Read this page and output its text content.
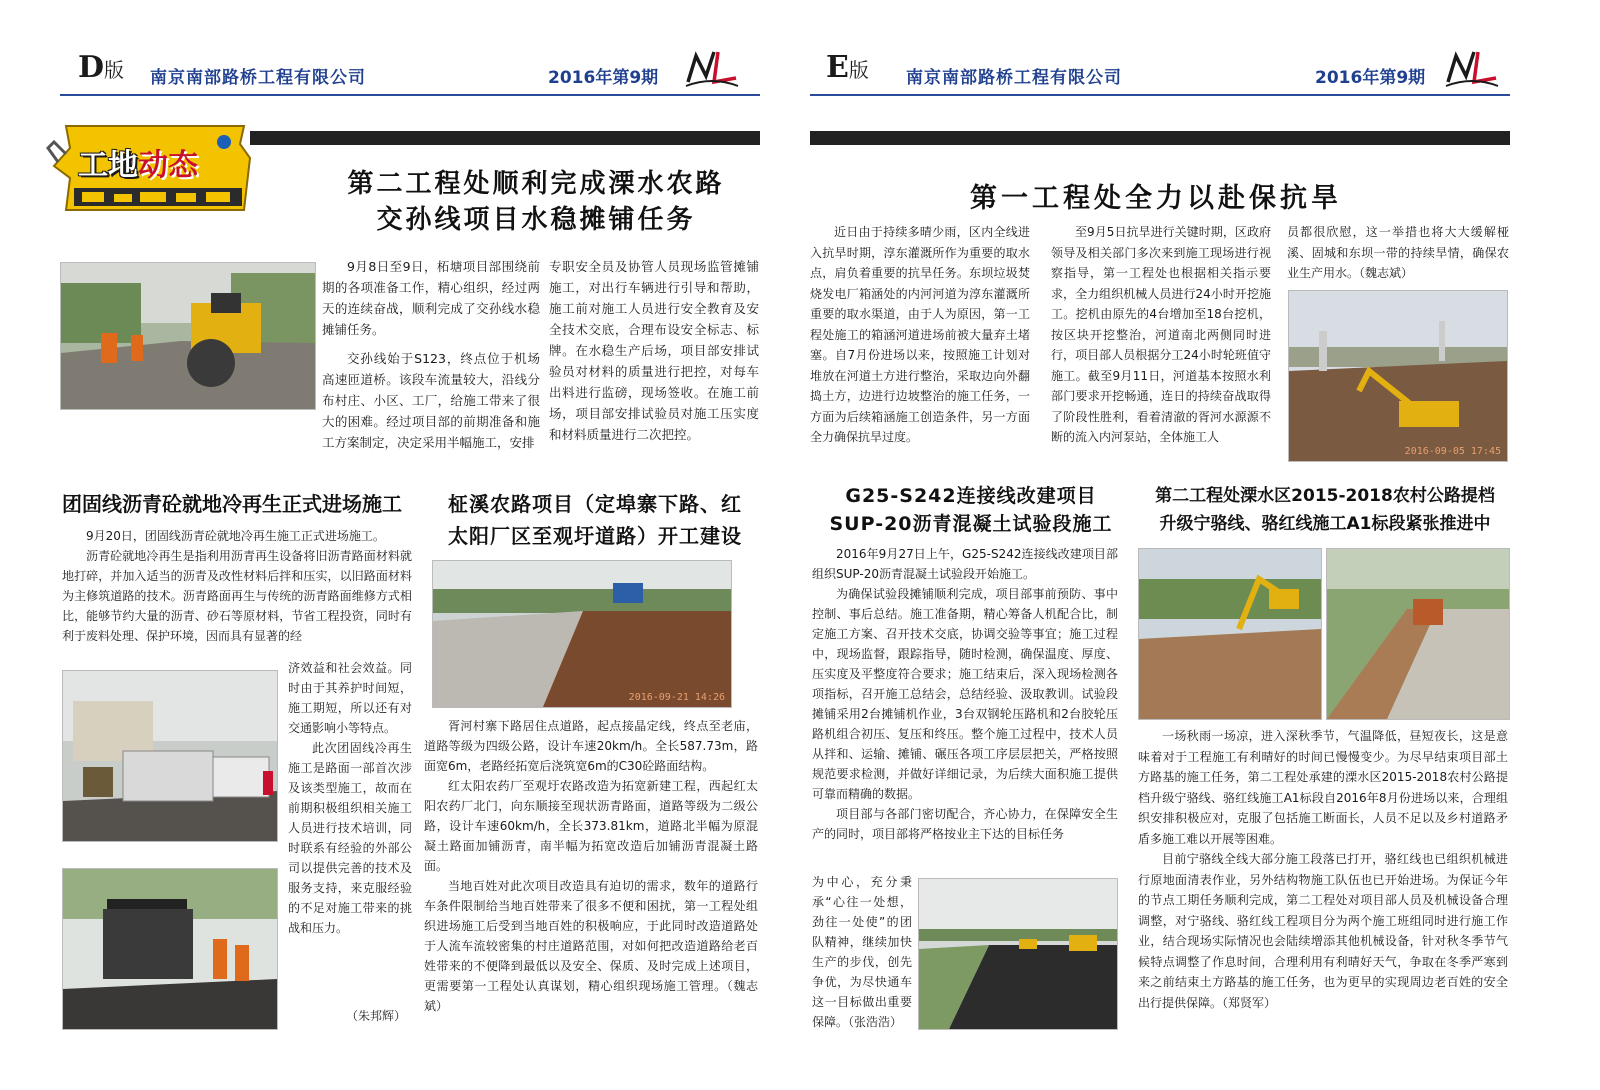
D版 南京南部路桥工程有限公司	2016年第9期	E版 南京南部路桥工程有限公司	2016年第9期
工地动态
第二工程处顺利完成溧水农路
交孙线项目水稳摊铺任务

9月8日至9日，柘塘项目部围绕前期的各项准备工作，精心组织，经过两天的连续奋战，顺利完成了交孙线水稳摊铺任务。

交孙线始于S123，终点位于机场高速匝道桥。该段车流量较大，沿线分布村庄、小区、工厂，给施工带来了很大的困难。经过项目部的前期准备和施工方案制定，决定采用半幅施工，安排

专职安全员及协管人员现场监管摊铺施工，对出行车辆进行引导和帮助，施工前对施工人员进行安全教育及安全技术交底，合理布设安全标志、标牌。在水稳生产后场，项目部安排试验员对材料的质量进行把控，对每车出料进行监磅，现场签收。在施工前场，项目部安排试验员对施工压实度和材料质量进行二次把控。

团固线沥青砼就地冷再生正式进场施工

9月20日，团固线沥青砼就地冷再生施工正式进场施工。

沥青砼就地冷再生是指利用沥青再生设备将旧沥青路面材料就地打碎，并加入适当的沥青及改性材料后拌和压实，以旧路面材料为主修筑道路的技术。沥青路面再生与传统的沥青路面维修方式相比，能够节约大量的沥青、砂石等原材料，节省工程投资，同时有利于废料处理、保护环境，因而具有显著的经

济效益和社会效益。同时由于其养护时间短，施工期短，所以还有对交通影响小等特点。

此次团固线冷再生施工是路面一部首次涉及该类型施工，故而在前期积极组织相关施工人员进行技术培训，同时联系有经验的外部公司以提供完善的技术及服务支持，来克服经验的不足对施工带来的挑战和压力。

（朱邦辉）
柾溪农路项目（定埠寨下路、红
太阳厂区至观圩道路）开工建设
2016-09-21 14:26

胥河村寨下路居住点道路，起点接晶定线，终点至老庙，道路等级为四级公路，设计车速20km/h。全长587.73m，路面宽6m，老路经拓宽后浇筑宽6m的C30砼路面结构。

红太阳农药厂至观圩农路改造为拓宽新建工程，西起红太阳农药厂北门，向东顺接至现状沥青路面，道路等级为二级公路，设计车速60km/h，全长373.81km，道路北半幅为原混凝土路面加铺沥青，南半幅为拓宽改造后加铺沥青混凝土路面。

当地百姓对此次项目改造具有迫切的需求，数年的道路行车条件限制给当地百姓带来了很多不便和困扰，第一工程处组织进场施工后受到当地百姓的积极响应，于此同时改造道路处于人流车流较密集的村庄道路范围，对如何把改造道路给老百姓带来的不便降到最低以及安全、保质、及时完成上述项目，更需要第一工程处认真谋划，精心组织现场施工管理。（魏志斌）

第一工程处全力以赴保抗旱

近日由于持续多晴少雨，区内全线进入抗旱时期，淳东灌溉所作为重要的取水点，肩负着重要的抗旱任务。东坝垃圾焚烧发电厂箱涵处的内河河道为淳东灌溉所重要的取水渠道，由于人为原因，第一工程处施工的箱涵河道进场前被大量弃土堵塞。自7月份进场以来，按照施工计划对堆放在河道土方进行整治，采取边向外翻捣土方，边进行边坡整治的施工任务，一方面为后续箱涵施工创造条件，另一方面全力确保抗旱过度。

至9月5日抗旱进行关键时期，区政府领导及相关部门多次来到施工现场进行视察指导，第一工程处也根据相关指示要求，全力组织机械人员进行24小时开挖施工。挖机由原先的4台增加至18台挖机，按区块开挖整治，河道南北两侧同时进行，项目部人员根据分工24小时轮班值守施工。截至9月11日，河道基本按照水利部门要求开挖畅通，连日的持续奋战取得了阶段性胜利，看着清澈的胥河水源源不断的流入内河泵站，全体施工人

员都很欣慰，这一举措也将大大缓解桠溪、固城和东坝一带的持续旱情，确保农业生产用水。（魏志斌）

2016-09-05 17:45
G25-S242连接线改建项目
SUP-20沥青混凝土试验段施工

2016年9月27日上午，G25-S242连接线改建项目部组织SUP-20沥青混凝土试验段开始施工。

为确保试验段摊铺顺利完成，项目部事前预防、事中控制、事后总结。施工准备期，精心筹备人机配合比，制定施工方案、召开技术交底，协调交验等事宜；施工过程中，现场监督，跟踪指导，随时检测，确保温度、厚度、压实度及平整度符合要求；施工结束后，深入现场检测各项指标，召开施工总结会，总结经验、汲取教训。试验段摊铺采用2台摊铺机作业，3台双钢轮压路机和2台胶轮压路机组合初压、复压和终压。整个施工过程中，技术人员从拌和、运输、摊铺、碾压各项工序层层把关，严格按照规范要求检测，并做好详细记录，为后续大面积施工提供可靠而精确的数据。

项目部与各部门密切配合，齐心协力，在保障安全生产的同时，项目部将严格按业主下达的目标任务

为中心，充分秉承“心往一处想，劲往一处使”的团队精神，继续加快生产的步伐，创先争优，为尽快通车这一目标做出重要保障。（张浩浩）

第二工程处溧水区2015-2018农村公路提档
升级宁骆线、骆红线施工A1标段紧张推进中

一场秋雨一场凉，进入深秋季节，气温降低，昼短夜长，这是意味着对于工程施工有利晴好的时间已慢慢变少。为尽早结束项目部土方路基的施工任务，第二工程处承建的溧水区2015-2018农村公路提档升级宁骆线、骆红线施工A1标段自2016年8月份进场以来，合理组织安排积极应对，克服了包括施工断面长，人员不足以及乡村道路矛盾多施工难以开展等困难。

目前宁骆线全线大部分施工段落已打开，骆红线也已组织机械进行原地面清表作业，另外结构物施工队伍也已开始进场。为保证今年的节点工期任务顺利完成，第二工程处对项目部人员及机械设备合理调整，对宁骆线、骆红线工程项目分为两个施工班组同时进行施工作业，结合现场实际情况也会陆续增添其他机械设备，针对秋冬季节气候特点调整了作息时间，合理利用有利晴好天气，争取在冬季严寒到来之前结束土方路基的施工任务，也为更早的实现周边老百姓的安全出行提供保障。（郑贤军）
